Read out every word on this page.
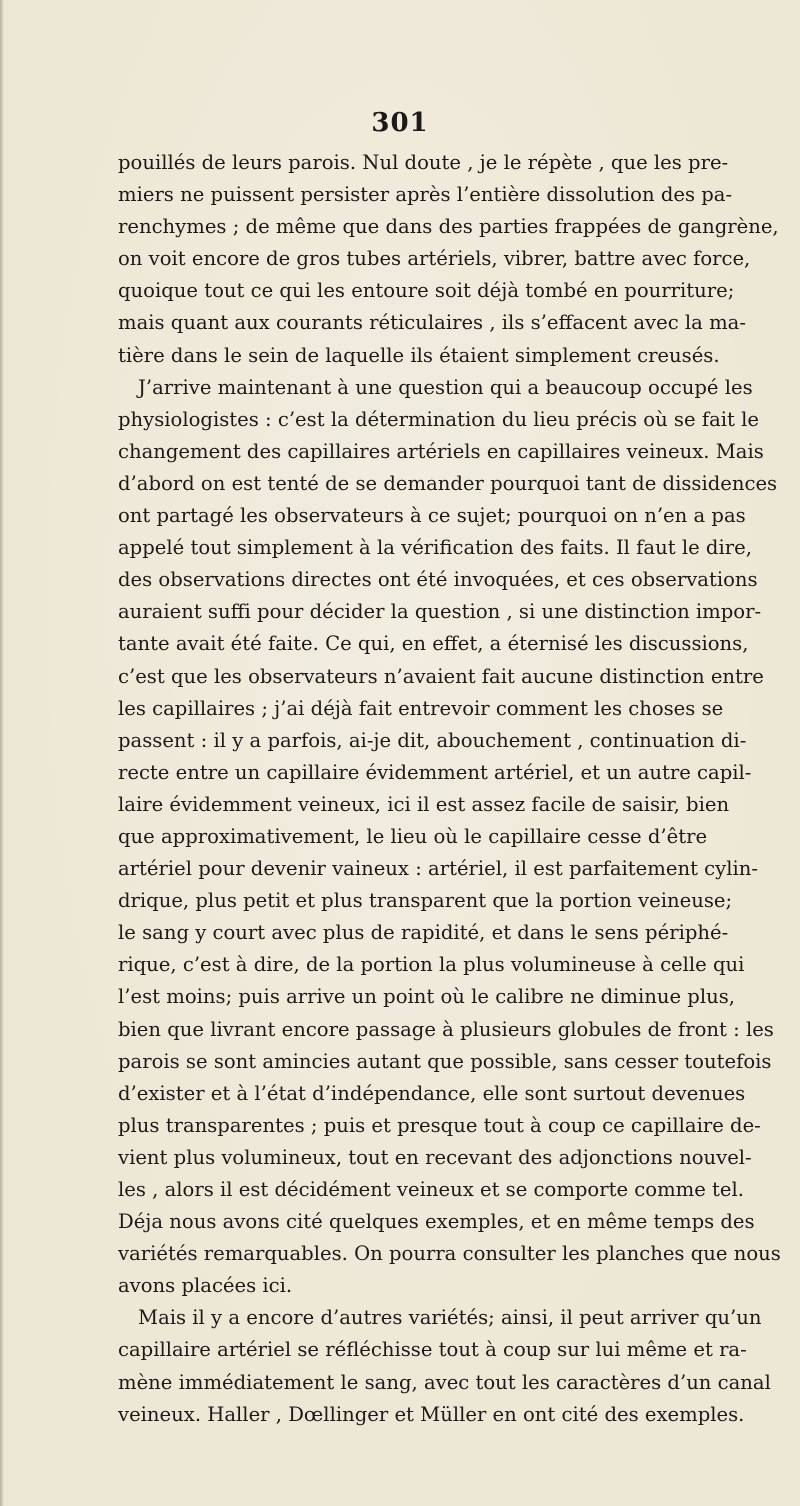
301
pouillés de leurs parois. Nul doute , je le répète , que les pre-
miers ne puissent persister après l’entière dissolution des pa-
renchymes ; de même que dans des parties frappées de gangrène,
on voit encore de gros tubes artériels, vibrer, battre avec force,
quoique tout ce qui les entoure soit déjà tombé en pourriture;
mais quant aux courants réticulaires , ils s’effacent avec la ma-
tière dans le sein de laquelle ils étaient simplement creusés.
J’arrive maintenant à une question qui a beaucoup occupé les
physiologistes : c’est la détermination du lieu précis où se fait le
changement des capillaires artériels en capillaires veineux. Mais
d’abord on est tenté de se demander pourquoi tant de dissidences
ont partagé les observateurs à ce sujet; pourquoi on n’en a pas
appelé tout simplement à la vérification des faits. Il faut le dire,
des observations directes ont été invoquées, et ces observations
auraient suffi pour décider la question , si une distinction impor-
tante avait été faite. Ce qui, en effet, a éternisé les discussions,
c’est que les observateurs n’avaient fait aucune distinction entre
les capillaires ; j’ai déjà fait entrevoir comment les choses se
passent : il y a parfois, ai-je dit, abouchement , continuation di-
recte entre un capillaire évidemment artériel, et un autre capil-
laire évidemment veineux, ici il est assez facile de saisir, bien
que approximativement, le lieu où le capillaire cesse d’être
artériel pour devenir vaineux : artériel, il est parfaitement cylin-
drique, plus petit et plus transparent que la portion veineuse;
le sang y court avec plus de rapidité, et dans le sens périphé-
rique, c’est à dire, de la portion la plus volumineuse à celle qui
l’est moins; puis arrive un point où le calibre ne diminue plus,
bien que livrant encore passage à plusieurs globules de front : les
parois se sont amincies autant que possible, sans cesser toutefois
d’exister et à l’état d’indépendance, elle sont surtout devenues
plus transparentes ; puis et presque tout à coup ce capillaire de-
vient plus volumineux, tout en recevant des adjonctions nouvel-
les , alors il est décidément veineux et se comporte comme tel.
Déja nous avons cité quelques exemples, et en même temps des
variétés remarquables. On pourra consulter les planches que nous
avons placées ici.
Mais il y a encore d’autres variétés; ainsi, il peut arriver qu’un
capillaire artériel se réfléchisse tout à coup sur lui même et ra-
mène immédiatement le sang, avec tout les caractères d’un canal
veineux. Haller , Dœllinger et Müller en ont cité des exemples.
